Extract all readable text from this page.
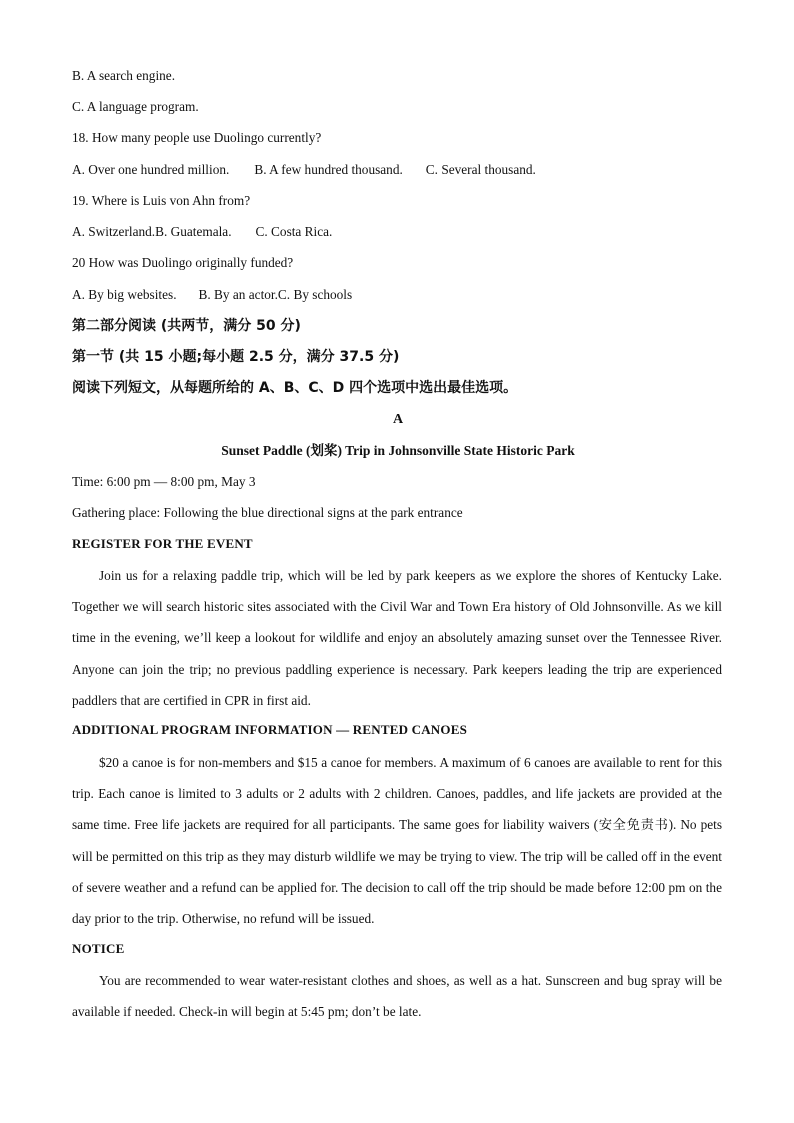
B. A search engine.
C. A language program.
18. How many people use Duolingo currently?
A. Over one hundred million. B. A few hundred thousand. C. Several thousand.
19. Where is Luis von Ahn from?
A. Switzerland.B. Guatemala. C. Costa Rica.
20 How was Duolingo originally funded?
A. By big websites. B. By an actor.C. By schools
第二部分阅读 (共两节，满分 50 分)
第一节 (共 15 小题;每小题 2.5 分，满分 37.5 分)
阅读下列短文，从每题所给的 A、B、C、D 四个选项中选出最佳选项。
A
Sunset Paddle (划桨) Trip in Johnsonville State Historic Park
Time: 6:00 pm — 8:00 pm, May 3
Gathering place: Following the blue directional signs at the park entrance
REGISTER FOR THE EVENT
Join us for a relaxing paddle trip, which will be led by park keepers as we explore the shores of Kentucky Lake. Together we will search historic sites associated with the Civil War and Town Era history of Old Johnsonville. As we kill time in the evening, we’ll keep a lookout for wildlife and enjoy an absolutely amazing sunset over the Tennessee River. Anyone can join the trip; no previous paddling experience is necessary. Park keepers leading the trip are experienced paddlers that are certified in CPR in first aid.
ADDITIONAL PROGRAM INFORMATION — RENTED CANOES
$20 a canoe is for non-members and $15 a canoe for members. A maximum of 6 canoes are available to rent for this trip. Each canoe is limited to 3 adults or 2 adults with 2 children. Canoes, paddles, and life jackets are provided at the same time. Free life jackets are required for all participants. The same goes for liability waivers (安全免责书). No pets will be permitted on this trip as they may disturb wildlife we may be trying to view. The trip will be called off in the event of severe weather and a refund can be applied for. The decision to call off the trip should be made before 12:00 pm on the day prior to the trip. Otherwise, no refund will be issued.
NOTICE
You are recommended to wear water-resistant clothes and shoes, as well as a hat. Sunscreen and bug spray will be available if needed. Check-in will begin at 5:45 pm; don’t be late.
